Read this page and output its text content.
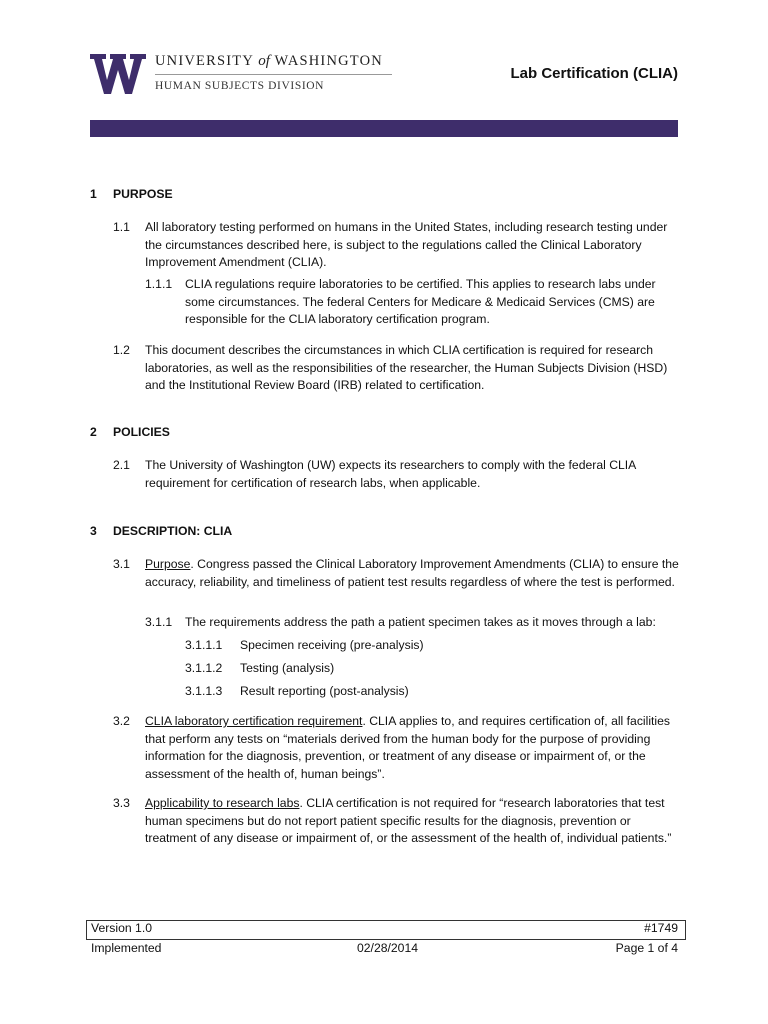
UNIVERSITY of WASHINGTON
HUMAN SUBJECTS DIVISION
Lab Certification (CLIA)
1 PURPOSE
1.1 All laboratory testing performed on humans in the United States, including research testing under the circumstances described here, is subject to the regulations called the Clinical Laboratory Improvement Amendment (CLIA).
1.1.1 CLIA regulations require laboratories to be certified. This applies to research labs under some circumstances. The federal Centers for Medicare & Medicaid Services (CMS) are responsible for the CLIA laboratory certification program.
1.2 This document describes the circumstances in which CLIA certification is required for research laboratories, as well as the responsibilities of the researcher, the Human Subjects Division (HSD) and the Institutional Review Board (IRB) related to certification.
2 POLICIES
2.1 The University of Washington (UW) expects its researchers to comply with the federal CLIA requirement for certification of research labs, when applicable.
3 DESCRIPTION: CLIA
3.1 Purpose. Congress passed the Clinical Laboratory Improvement Amendments (CLIA) to ensure the accuracy, reliability, and timeliness of patient test results regardless of where the test is performed.
3.1.1 The requirements address the path a patient specimen takes as it moves through a lab:
3.1.1.1 Specimen receiving (pre-analysis)
3.1.1.2 Testing (analysis)
3.1.1.3 Result reporting (post-analysis)
3.2 CLIA laboratory certification requirement. CLIA applies to, and requires certification of, all facilities that perform any tests on “materials derived from the human body for the purpose of providing information for the diagnosis, prevention, or treatment of any disease or impairment of, or the assessment of the health of, human beings”.
3.3 Applicability to research labs. CLIA certification is not required for “research laboratories that test human specimens but do not report patient specific results for the diagnosis, prevention or treatment of any disease or impairment of, or the assessment of the health of, individual patients.”
Version 1.0	#1749
Implemented	02/28/2014	Page 1 of 4
